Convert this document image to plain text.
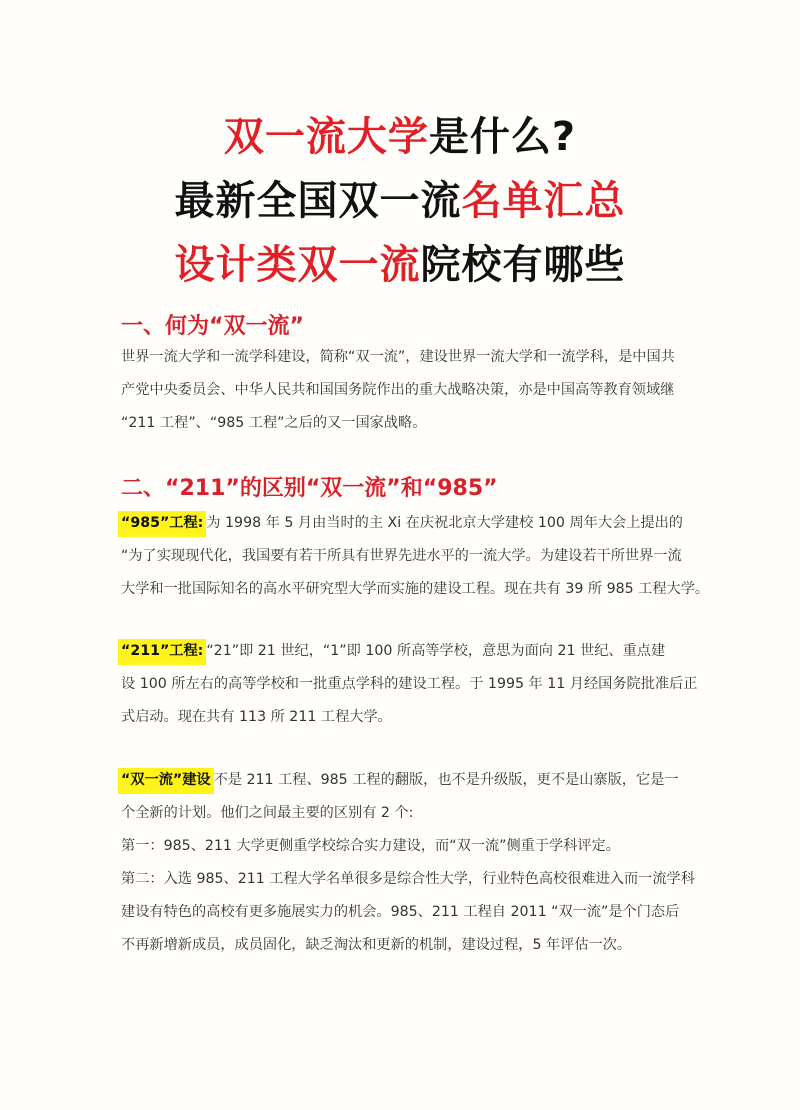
双一流大学是什么?
最新全国双一流名单汇总
设计类双一流院校有哪些
一、何为“双一流”
世界一流大学和一流学科建设，简称“双一流”，建设世界一流大学和一流学科，是中国共
产党中央委员会、中华人民共和国国务院作出的重大战略决策，亦是中国高等教育领域继
“211 工程”、“985 工程”之后的又一国家战略。
二、“211”的区别“双一流”和“985”
“985”工程: 为 1998 年 5 月由当时的主 Xi 在庆祝北京大学建校 100 周年大会上提出的
“为了实现现代化，我国要有若干所具有世界先进水平的一流大学。为建设若干所世界一流
大学和一批国际知名的高水平研究型大学而实施的建设工程。现在共有 39 所 985 工程大学。
“211”工程: “21”即 21 世纪，“1”即 100 所高等学校，意思为面向 21 世纪、重点建
设 100 所左右的高等学校和一批重点学科的建设工程。于 1995 年 11 月经国务院批准后正
式启动。现在共有 113 所 211 工程大学。
“双一流”建设 不是 211 工程、985 工程的翻版，也不是升级版，更不是山寨版，它是一
个全新的计划。他们之间最主要的区别有 2 个:
第一：985、211 大学更侧重学校综合实力建设，而“双一流”侧重于学科评定。
第二：入选 985、211 工程大学名单很多是综合性大学，行业特色高校很难进入而一流学科
建设有特色的高校有更多施展实力的机会。985、211 工程自 2011 “双一流”是个门态后
不再新增新成员，成员固化，缺乏淘汰和更新的机制，建设过程，5 年评估一次。
